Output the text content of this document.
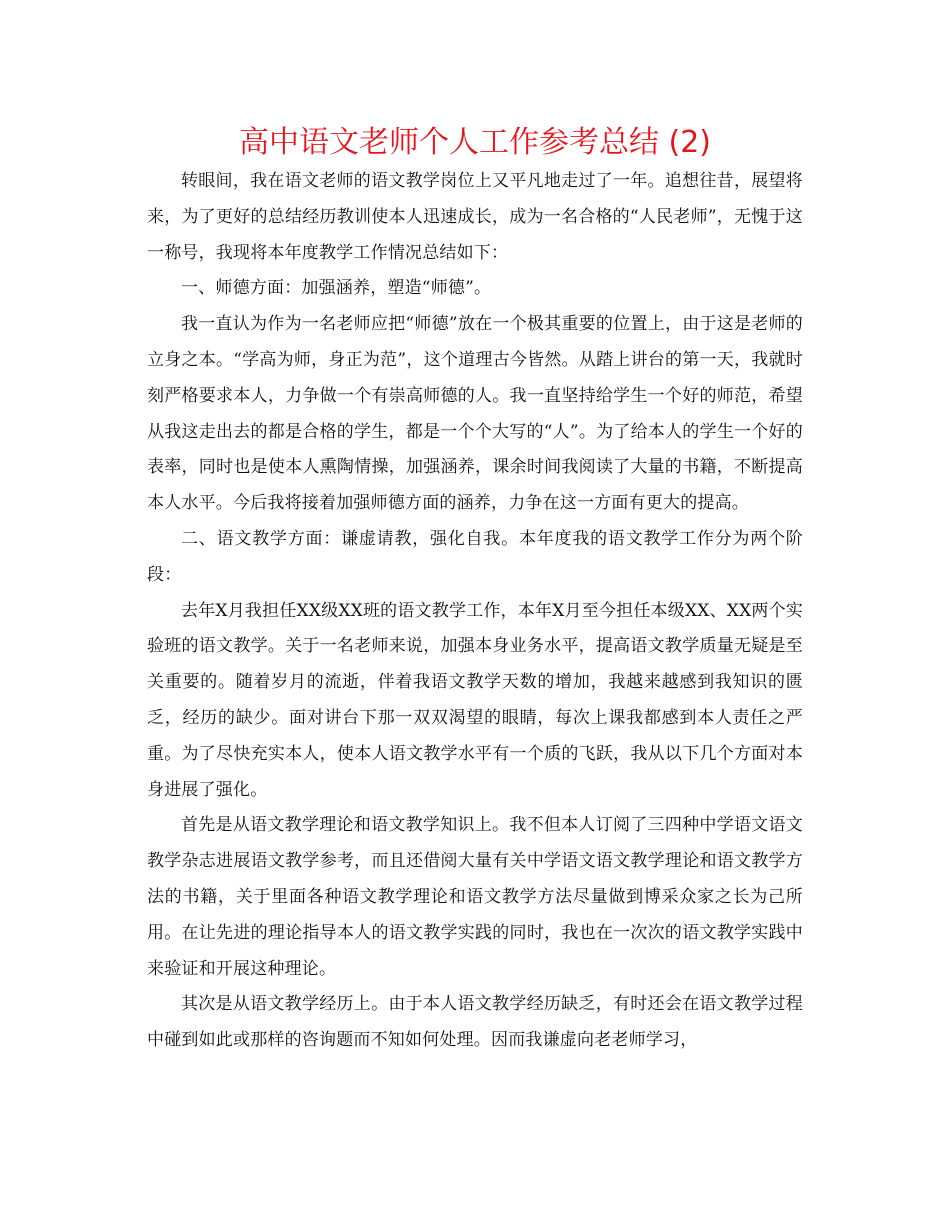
高中语文老师个人工作参考总结 (2)

转眼间，我在语文老师的语文教学岗位上又平凡地走过了一年。追想往昔，展望将来，为了更好的总结经历教训使本人迅速成长，成为一名合格的“人民老师”，无愧于这一称号，我现将本年度教学工作情况总结如下：

一、师德方面：加强涵养，塑造“师德”。

我一直认为作为一名老师应把“师德”放在一个极其重要的位置上，由于这是老师的立身之本。“学高为师，身正为范”，这个道理古今皆然。从踏上讲台的第一天，我就时刻严格要求本人，力争做一个有崇高师德的人。我一直坚持给学生一个好的师范，希望从我这走出去的都是合格的学生，都是一个个大写的“人”。为了给本人的学生一个好的表率，同时也是使本人熏陶情操，加强涵养，课余时间我阅读了大量的书籍，不断提高本人水平。今后我将接着加强师德方面的涵养，力争在这一方面有更大的提高。

二、语文教学方面：谦虚请教，强化自我。本年度我的语文教学工作分为两个阶段：

去年X月我担任XX级XX班的语文教学工作，本年X月至今担任本级XX、XX两个实验班的语文教学。关于一名老师来说，加强本身业务水平，提高语文教学质量无疑是至关重要的。随着岁月的流逝，伴着我语文教学天数的增加，我越来越感到我知识的匮乏，经历的缺少。面对讲台下那一双双渴望的眼睛，每次上课我都感到本人责任之严重。为了尽快充实本人，使本人语文教学水平有一个质的飞跃，我从以下几个方面对本身进展了强化。

首先是从语文教学理论和语文教学知识上。我不但本人订阅了三四种中学语文语文教学杂志进展语文教学参考，而且还借阅大量有关中学语文语文教学理论和语文教学方法的书籍，关于里面各种语文教学理论和语文教学方法尽量做到博采众家之长为己所用。在让先进的理论指导本人的语文教学实践的同时，我也在一次次的语文教学实践中来验证和开展这种理论。

其次是从语文教学经历上。由于本人语文教学经历缺乏，有时还会在语文教学过程中碰到如此或那样的咨询题而不知如何处理。因而我谦虚向老老师学习，
